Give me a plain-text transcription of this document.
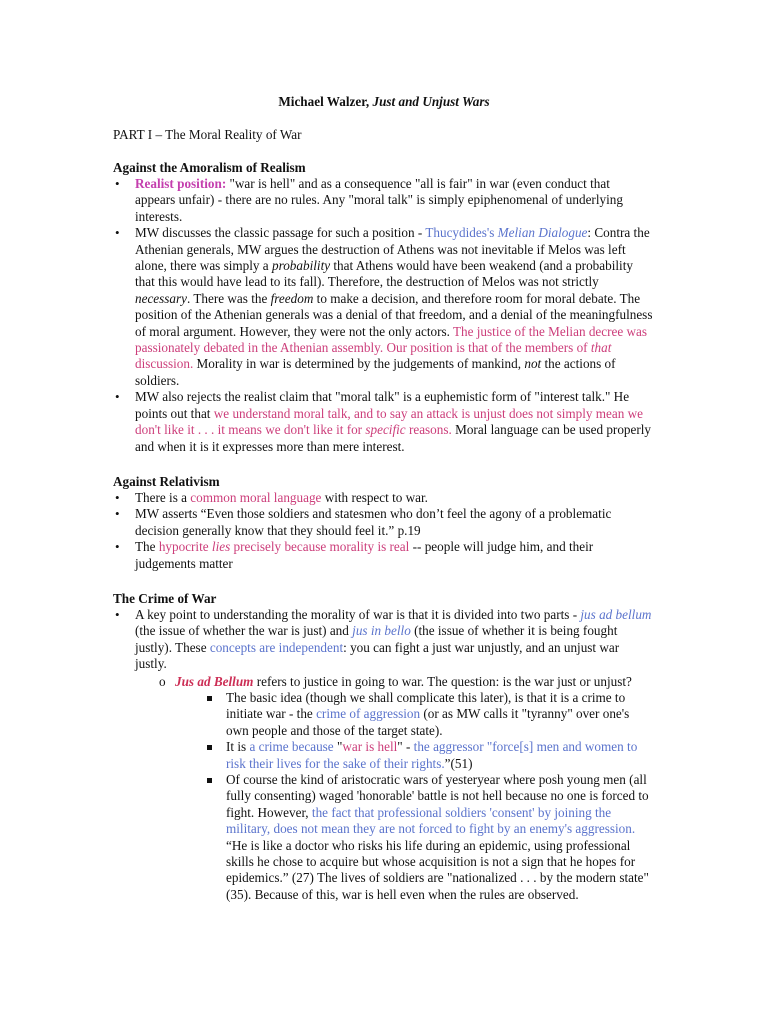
Michael Walzer, Just and Unjust Wars
PART I – The Moral Reality of War
Against the Amoralism of Realism
• Realist position: "war is hell" and as a consequence "all is fair" in war (even conduct that appears unfair) - there are no rules. Any "moral talk" is simply epiphenomenal of underlying interests.
• MW discusses the classic passage for such a position - Thucydides's Melian Dialogue: Contra the Athenian generals, MW argues the destruction of Athens was not inevitable if Melos was left alone, there was simply a probability that Athens would have been weakend (and a probability that this would have lead to its fall). Therefore, the destruction of Melos was not strictly necessary. There was the freedom to make a decision, and therefore room for moral debate. The position of the Athenian generals was a denial of that freedom, and a denial of the meaningfulness of moral argument. However, they were not the only actors. The justice of the Melian decree was passionately debated in the Athenian assembly. Our position is that of the members of that discussion. Morality in war is determined by the judgements of mankind, not the actions of soldiers.
• MW also rejects the realist claim that "moral talk" is a euphemistic form of "interest talk." He points out that we understand moral talk, and to say an attack is unjust does not simply mean we don't like it . . . it means we don't like it for specific reasons. Moral language can be used properly and when it is it expresses more than mere interest.
Against Relativism
• There is a common moral language with respect to war.
• MW asserts “Even those soldiers and statesmen who don’t feel the agony of a problematic decision generally know that they should feel it.” p.19
• The hypocrite lies precisely because morality is real -- people will judge him, and their judgements matter
The Crime of War
• A key point to understanding the morality of war is that it is divided into two parts - jus ad bellum (the issue of whether the war is just) and jus in bello (the issue of whether it is being fought justly). These concepts are independent: you can fight a just war unjustly, and an unjust war justly.
o Jus ad Bellum refers to justice in going to war. The question: is the war just or unjust?
The basic idea (though we shall complicate this later), is that it is a crime to initiate war - the crime of aggression (or as MW calls it "tyranny" over one's own people and those of the target state).
It is a crime because "war is hell" - the aggressor "force[s] men and women to risk their lives for the sake of their rights.”(51)
Of course the kind of aristocratic wars of yesteryear where posh young men (all fully consenting) waged 'honorable' battle is not hell because no one is forced to fight. However, the fact that professional soldiers 'consent' by joining the military, does not mean they are not forced to fight by an enemy's aggression. “He is like a doctor who risks his life during an epidemic, using professional skills he chose to acquire but whose acquisition is not a sign that he hopes for epidemics.” (27) The lives of soldiers are "nationalized . . . by the modern state"(35). Because of this, war is hell even when the rules are observed.
